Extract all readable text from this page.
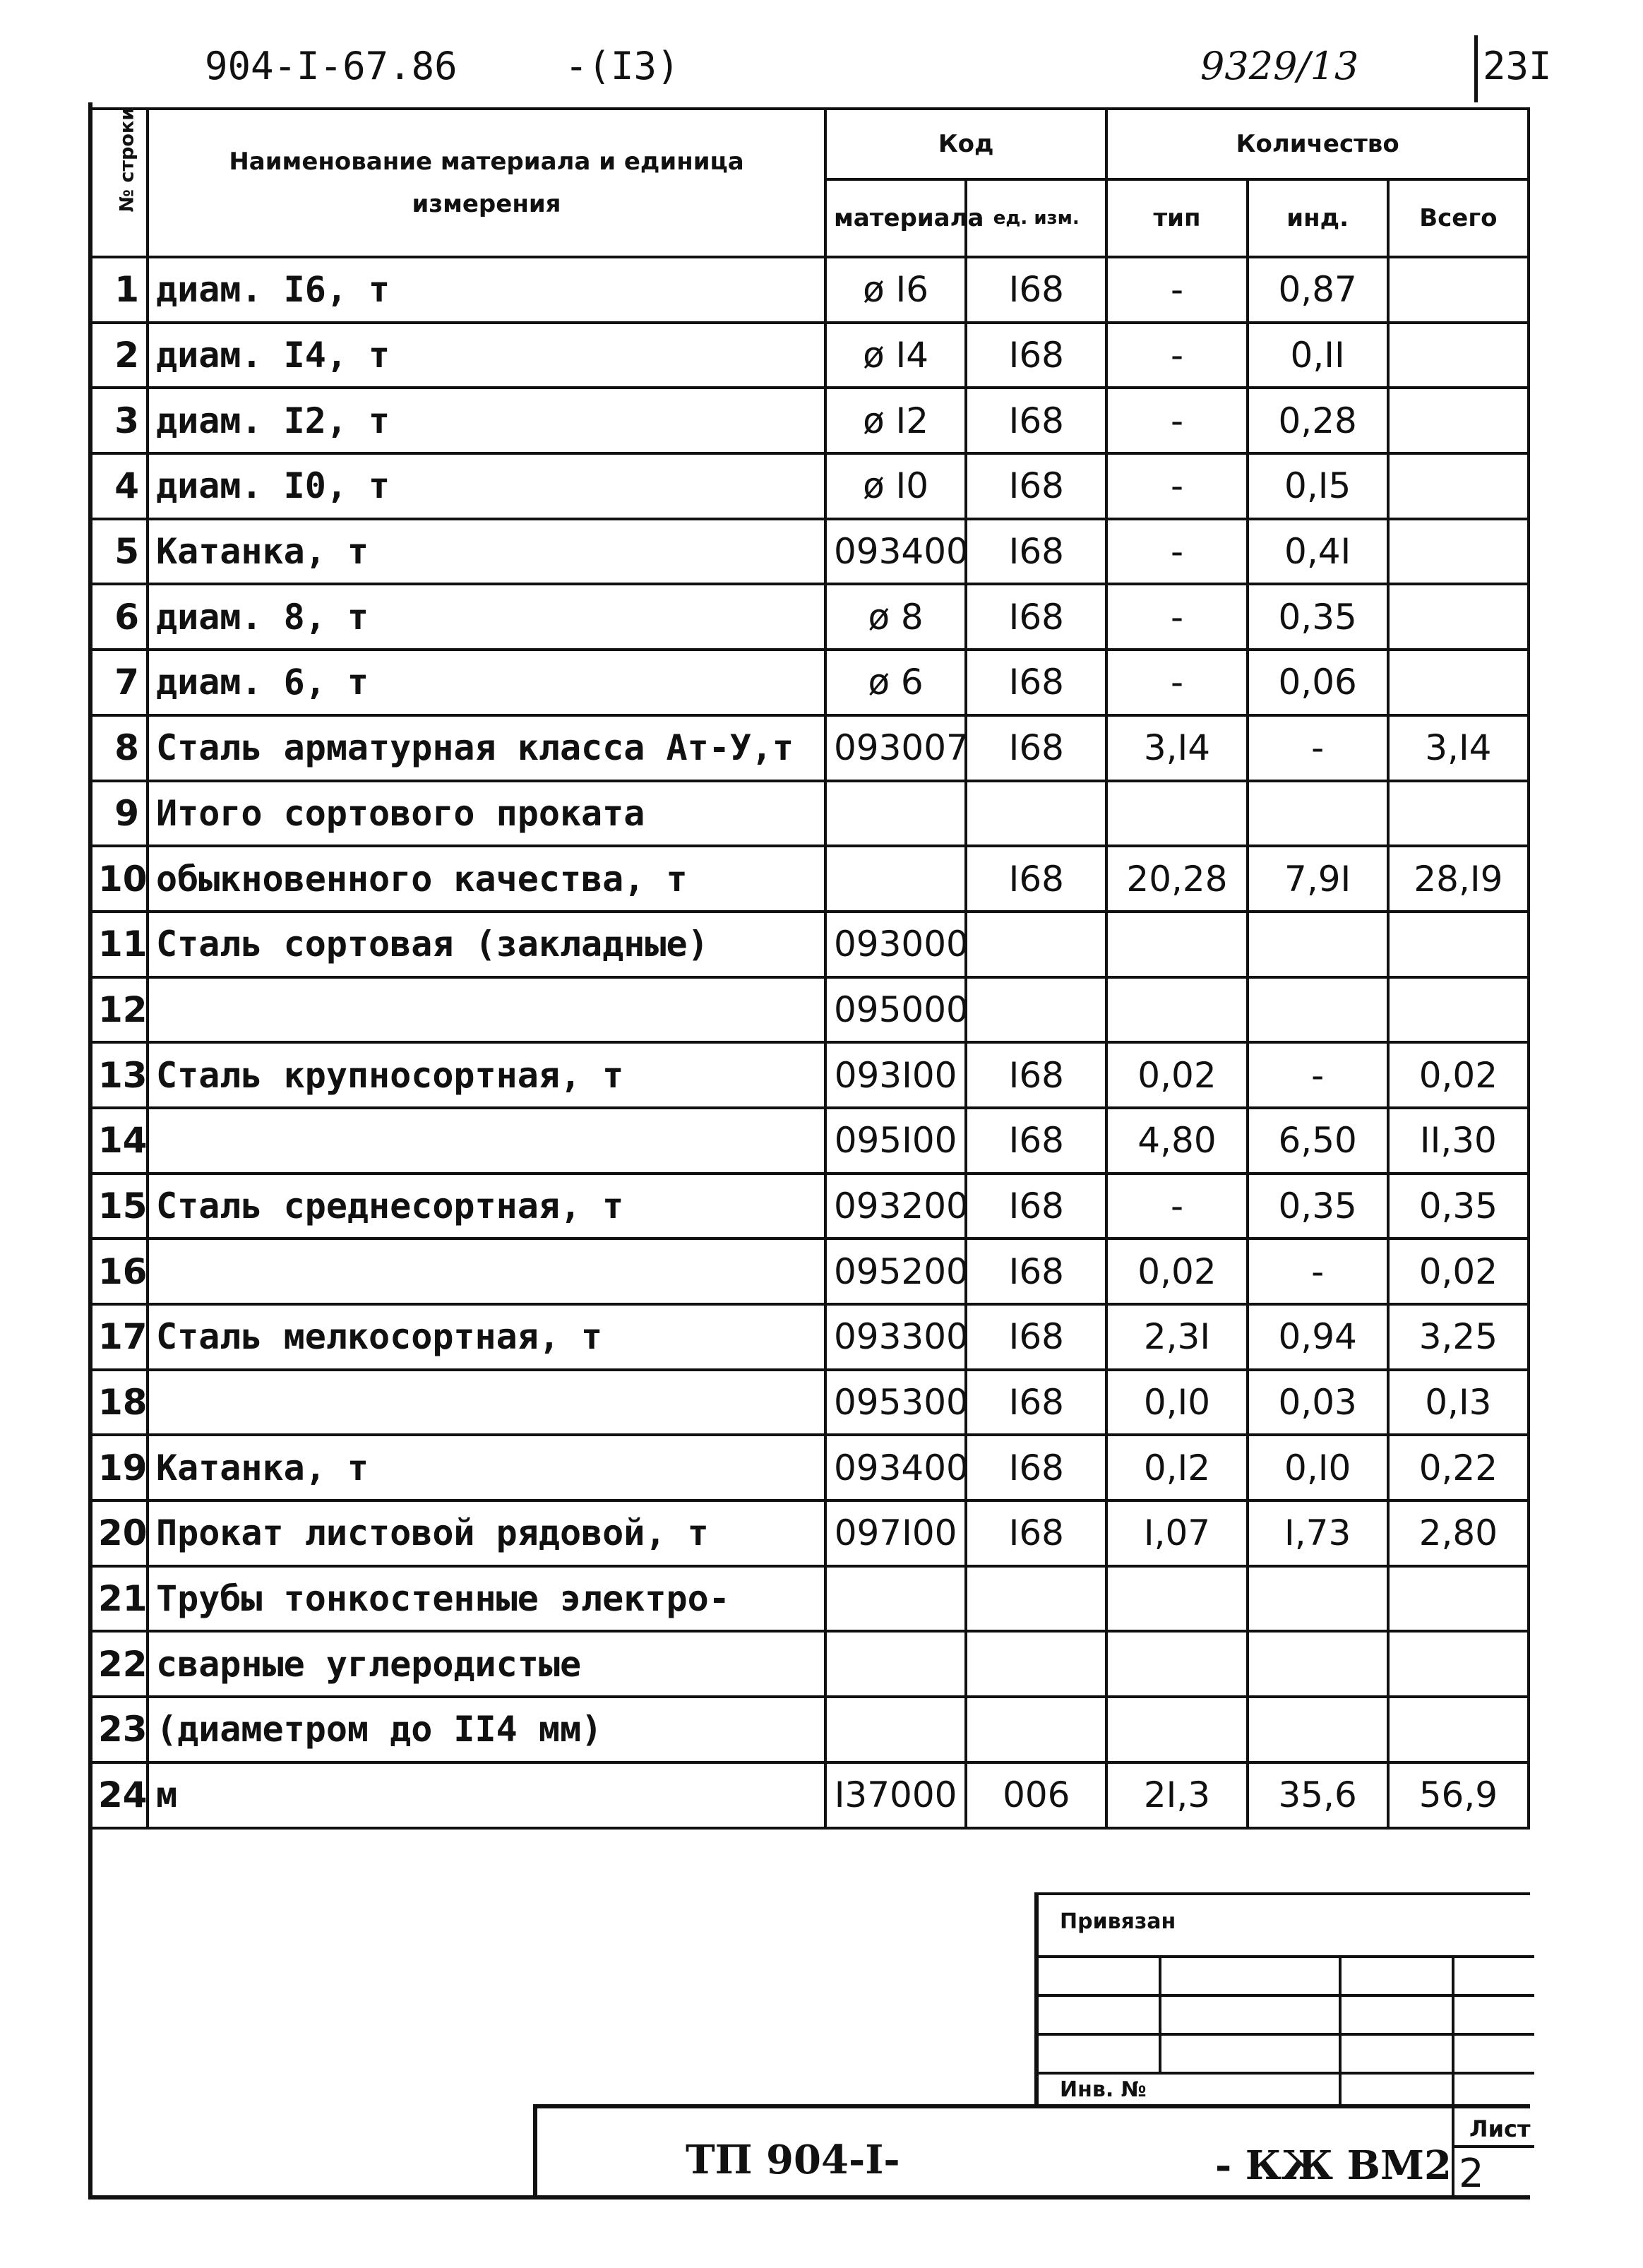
904-I-67.86	-(I3)	9329/13	23I
№ строки	Наименование материала и единица измерения	Код		Количество		
		материала	ед. изм.	тип	инд.	Всего
1	диам. I6, т	ø I6	I68	-	0,87	
2	диам. I4, т	ø I4	I68	-	0,II	
3	диам. I2, т	ø I2	I68	-	0,28	
4	диам. I0, т	ø I0	I68	-	0,I5	
5	Катанка, т	093400	I68	-	0,4I	
6	диам. 8, т	ø 8	I68	-	0,35	
7	диам. 6, т	ø 6	I68	-	0,06	
8	Сталь арматурная класса Ат-У,т	093007	I68	3,I4	-	3,I4
9	Итого сортового проката					
10	обыкновенного качества, т		I68	20,28	7,9I	28,I9
11	Сталь сортовая (закладные)	093000				
12		095000				
13	Сталь крупносортная, т	093I00	I68	0,02	-	0,02
14		095I00	I68	4,80	6,50	II,30
15	Сталь среднесортная, т	093200	I68	-	0,35	0,35
16		095200	I68	0,02	-	0,02
17	Сталь мелкосортная, т	093300	I68	2,3I	0,94	3,25
18		095300	I68	0,I0	0,03	0,I3
19	Катанка, т	093400	I68	0,I2	0,I0	0,22
20	Прокат листовой рядовой, т	097I00	I68	I,07	I,73	2,80
21	Трубы тонкостенные электро-					
22	сварные углеродистые					
23	(диаметром до II4 мм)					
24	м	I37000	006	2I,3	35,6	56,9
Привязан
Инв. №
ТП 904-I-	- КЖ ВМ2
Лист
2
